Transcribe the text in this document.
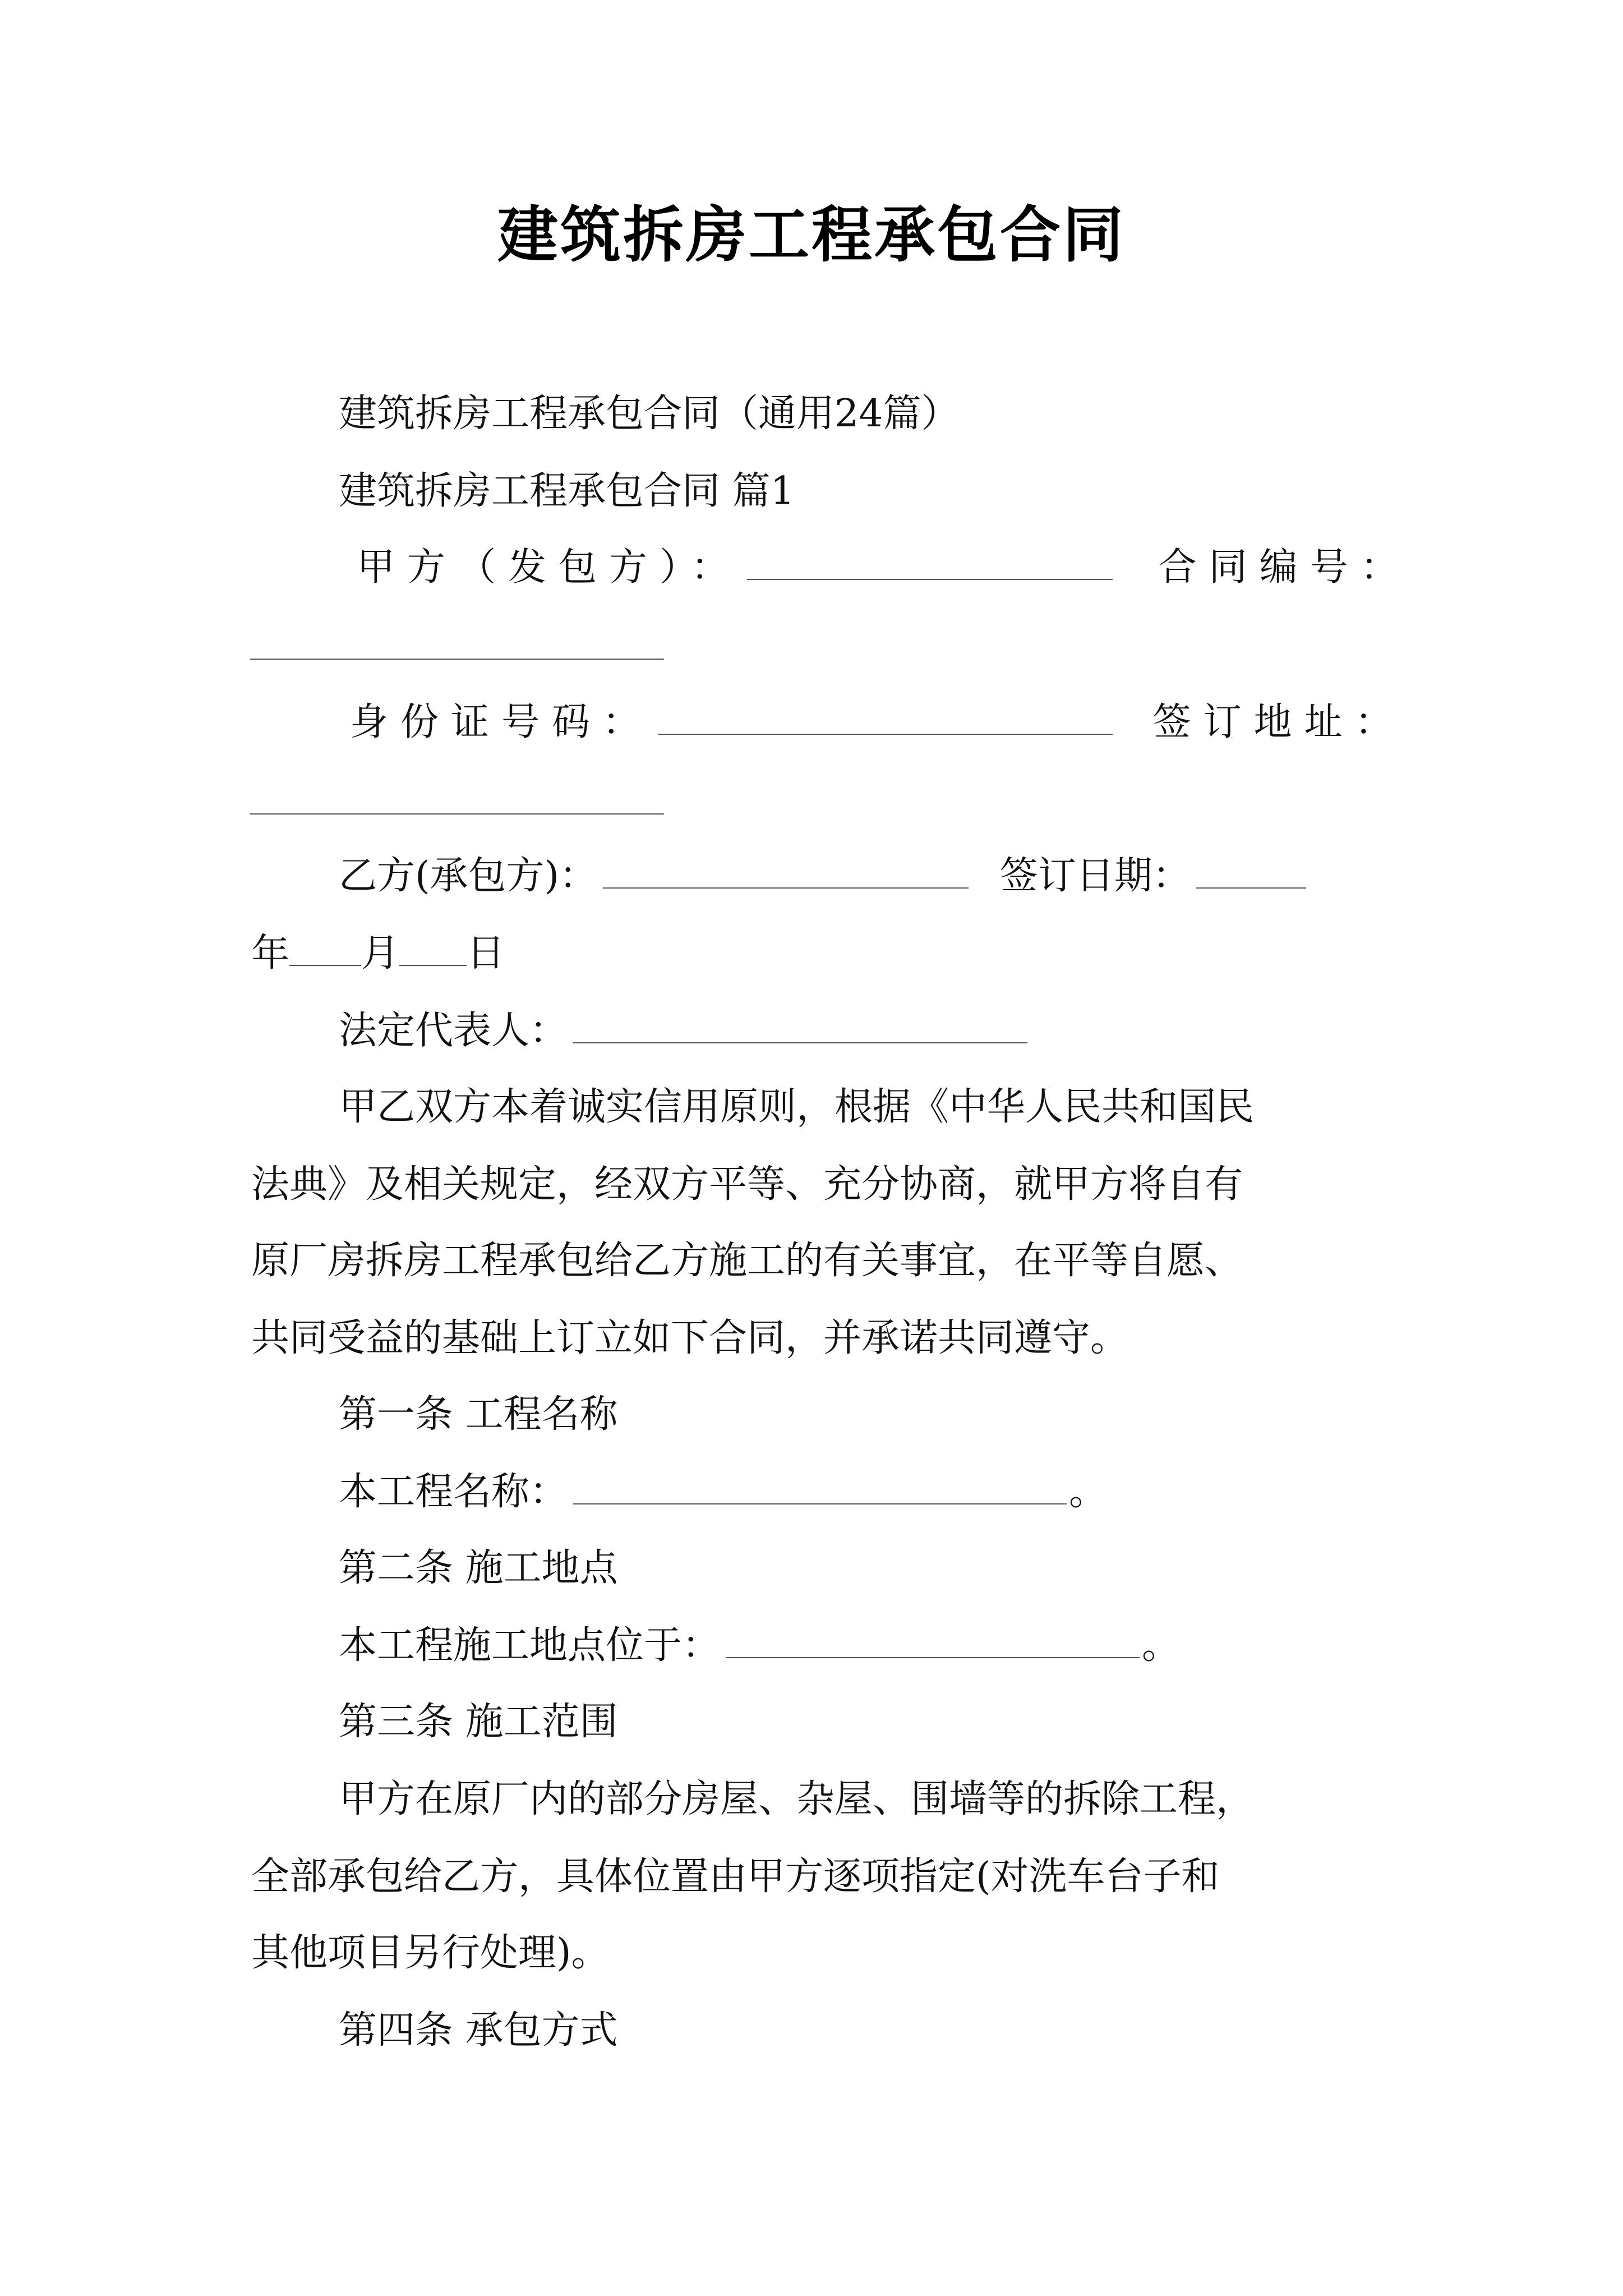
建筑拆房工程承包合同
建筑拆房工程承包合同（通用24篇）
建筑拆房工程承包合同 篇1
甲方（发包方）：	合同编号：
身份证号码：	签订地址：
乙方(承包方)：	签订日期：
年 月 日
法定代表人：
甲乙双方本着诚实信用原则，根据《中华人民共和国民
法典》及相关规定，经双方平等、充分协商，就甲方将自有
原厂房拆房工程承包给乙方施工的有关事宜，在平等自愿、
共同受益的基础上订立如下合同，并承诺共同遵守。
第一条 工程名称
本工程名称：	。
第二条 施工地点
本工程施工地点位于：	。
第三条 施工范围
甲方在原厂内的部分房屋、杂屋、围墙等的拆除工程，
全部承包给乙方，具体位置由甲方逐项指定(对洗车台子和
其他项目另行处理)。
第四条 承包方式
